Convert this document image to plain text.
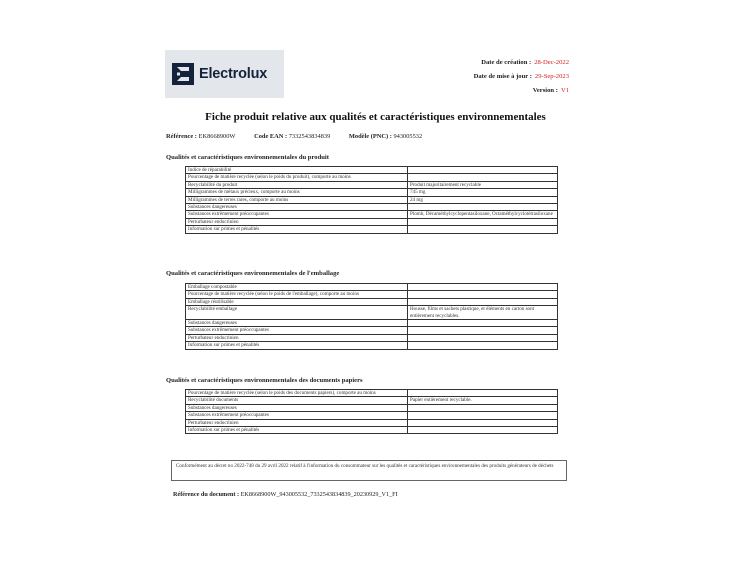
Electrolux
Date de création : 28-Dec-2022
Date de mise à jour : 29-Sep-2023
Version : V1
Fiche produit relative aux qualités et caractéristiques environnementales
Référence : EK8668900W	Code EAN : 7332543834839	Modèle (PNC) : 943005532
Qualités et caractéristiques environnementales du produit
Indice de réparabilité	
Pourcentage de matière recyclée (selon le poids du produit), comporte au moins	
Recyclabilité du produit	Produit majoritairement recyclable
Milligrammes de métaux précieux, comporte au moins	745 mg
Milligrammes de terres rares, comporte au moins	24 mg
Substances dangereuses	
Substances extrêmement préoccupantes	Plomb, Décaméthylcyclopentasiloxane, Octaméthylcyclotétrasiloxane
Perturbateur endocrinien	
Information sur primes et pénalités	
Qualités et caractéristiques environnementales de l'emballage
Emballage compostable	
Pourcentage de matière recyclée (selon le poids de l'emballage), comporte au moins	
Emballage réutilisable	
Recyclabilité emballage	Housse, films et sachets plastique, et éléments en carton sont entièrement recyclables.
Substances dangereuses	
Substances extrêmement préoccupantes	
Perturbateur endocrinien	
Information sur primes et pénalités	
Qualités et caractéristiques environnementales des documents papiers
Pourcentage de matière recyclée (selon le poids des documents papiers), comporte au moins	
Recyclabilité documents	Papier entièrement recyclable.
Substances dangereuses	
Substances extrêmement préoccupantes	
Perturbateur endocrinien	
Information sur primes et pénalités	
Conformément au décret no 2022-748 du 29 avril 2022 relatif à l'information du consommateur sur les qualités et caractéristiques environnementales des produits générateurs de déchets
Référence du document : EK8668900W_943005532_7332543834839_20230929_V1_FI
